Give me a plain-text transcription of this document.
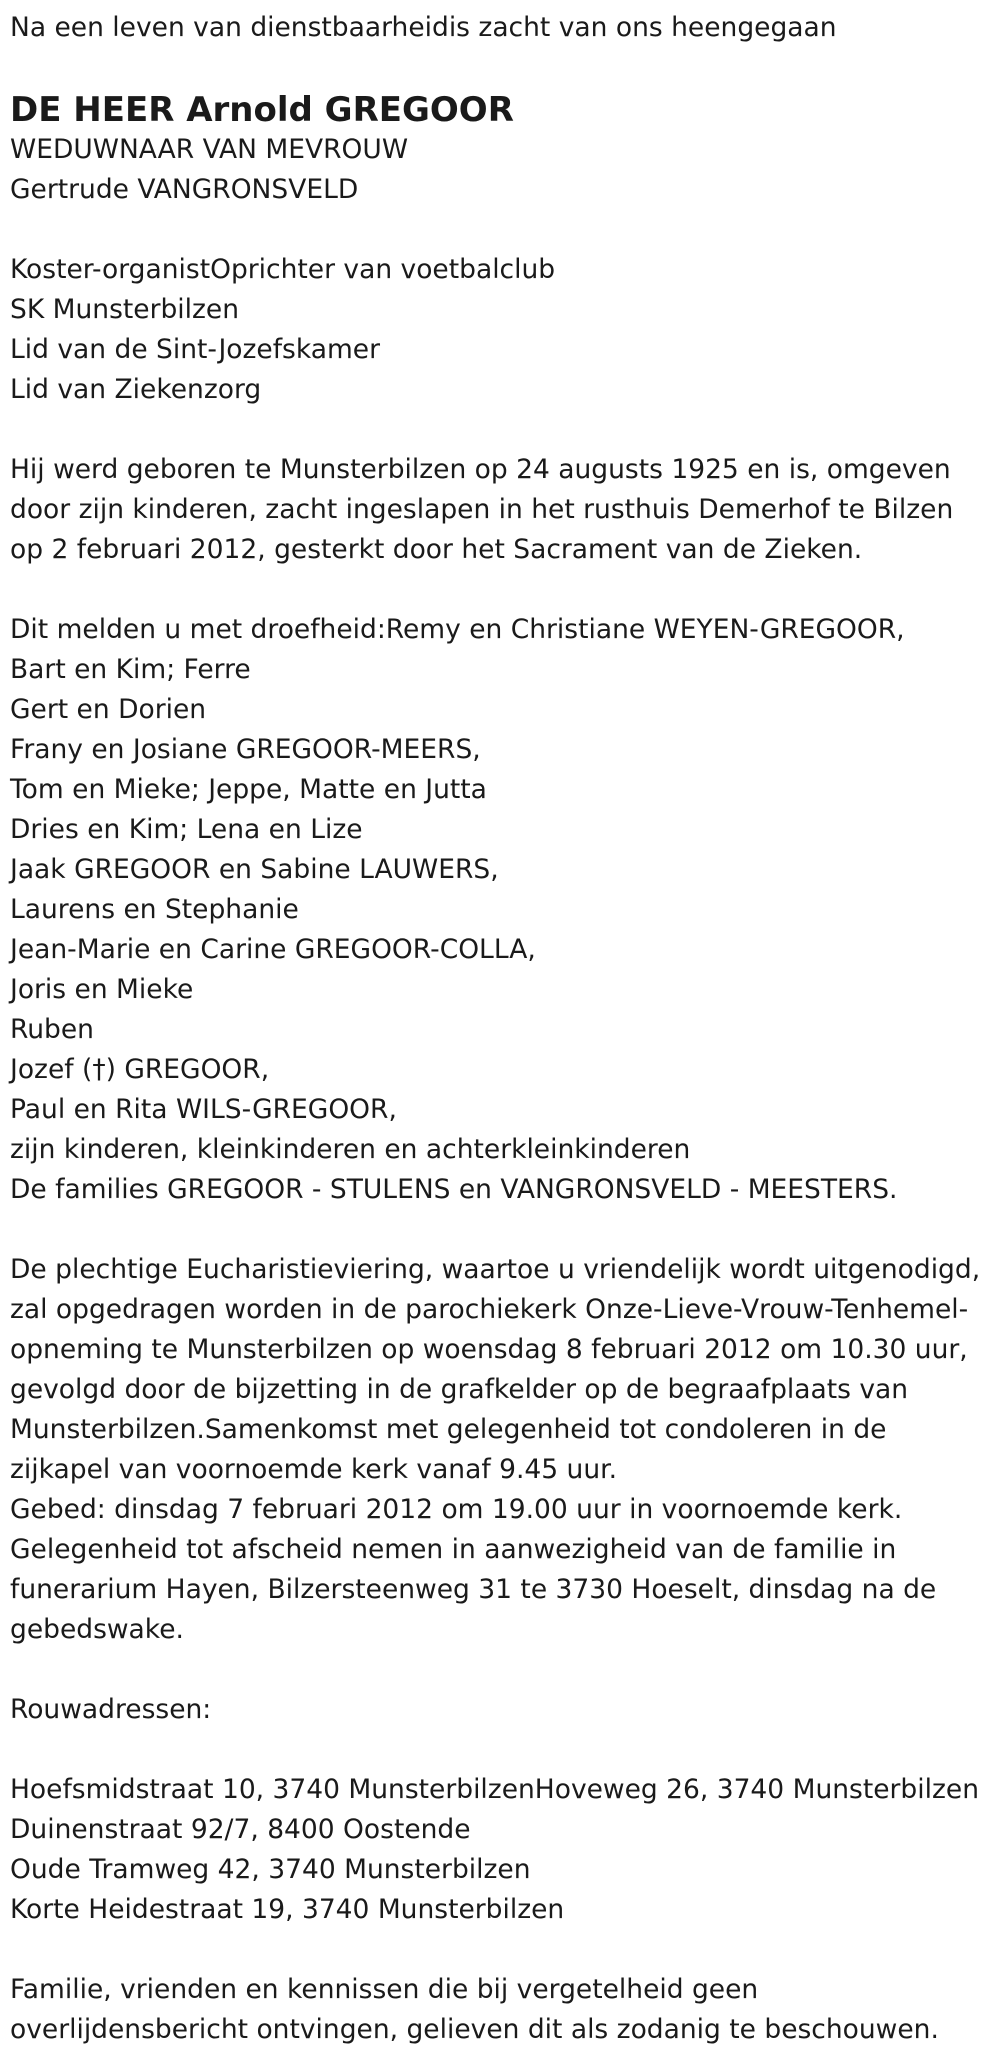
Na een leven van dienstbaarheidis zacht van ons heengegaan

DE HEER Arnold GREGOOR

WEDUWNAAR VAN MEVROUW

Gertrude VANGRONSVELD

Koster-organistOprichter van voetbalclub

SK Munsterbilzen

Lid van de Sint-Jozefskamer

Lid van Ziekenzorg

Hij werd geboren te Munsterbilzen op 24 augusts 1925 en is, omgeven

door zijn kinderen, zacht ingeslapen in het rusthuis Demerhof te Bilzen

op 2 februari 2012, gesterkt door het Sacrament van de Zieken.

Dit melden u met droefheid:Remy en Christiane WEYEN-GREGOOR,

Bart en Kim; Ferre

Gert en Dorien

Frany en Josiane GREGOOR-MEERS,

Tom en Mieke; Jeppe, Matte en Jutta

Dries en Kim; Lena en Lize

Jaak GREGOOR en Sabine LAUWERS,

Laurens en Stephanie

Jean-Marie en Carine GREGOOR-COLLA,

Joris en Mieke

Ruben

Jozef (†) GREGOOR,

Paul en Rita WILS-GREGOOR,

zijn kinderen, kleinkinderen en achterkleinkinderen

De families GREGOOR - STULENS en VANGRONSVELD - MEESTERS.

De plechtige Eucharistieviering, waartoe u vriendelijk wordt uitgenodigd,

zal opgedragen worden in de parochiekerk Onze-Lieve-Vrouw-Tenhemel-

opneming te Munsterbilzen op woensdag 8 februari 2012 om 10.30 uur,

gevolgd door de bijzetting in de grafkelder op de begraafplaats van

Munsterbilzen.Samenkomst met gelegenheid tot condoleren in de

zijkapel van voornoemde kerk vanaf 9.45 uur.

Gebed: dinsdag 7 februari 2012 om 19.00 uur in voornoemde kerk.

Gelegenheid tot afscheid nemen in aanwezigheid van de familie in

funerarium Hayen, Bilzersteenweg 31 te 3730 Hoeselt, dinsdag na de

gebedswake.

Rouwadressen:

Hoefsmidstraat 10, 3740 MunsterbilzenHoveweg 26, 3740 Munsterbilzen

Duinenstraat 92/7, 8400 Oostende

Oude Tramweg 42, 3740 Munsterbilzen

Korte Heidestraat 19, 3740 Munsterbilzen

Familie, vrienden en kennissen die bij vergetelheid geen

overlijdensbericht ontvingen, gelieven dit als zodanig te beschouwen.
